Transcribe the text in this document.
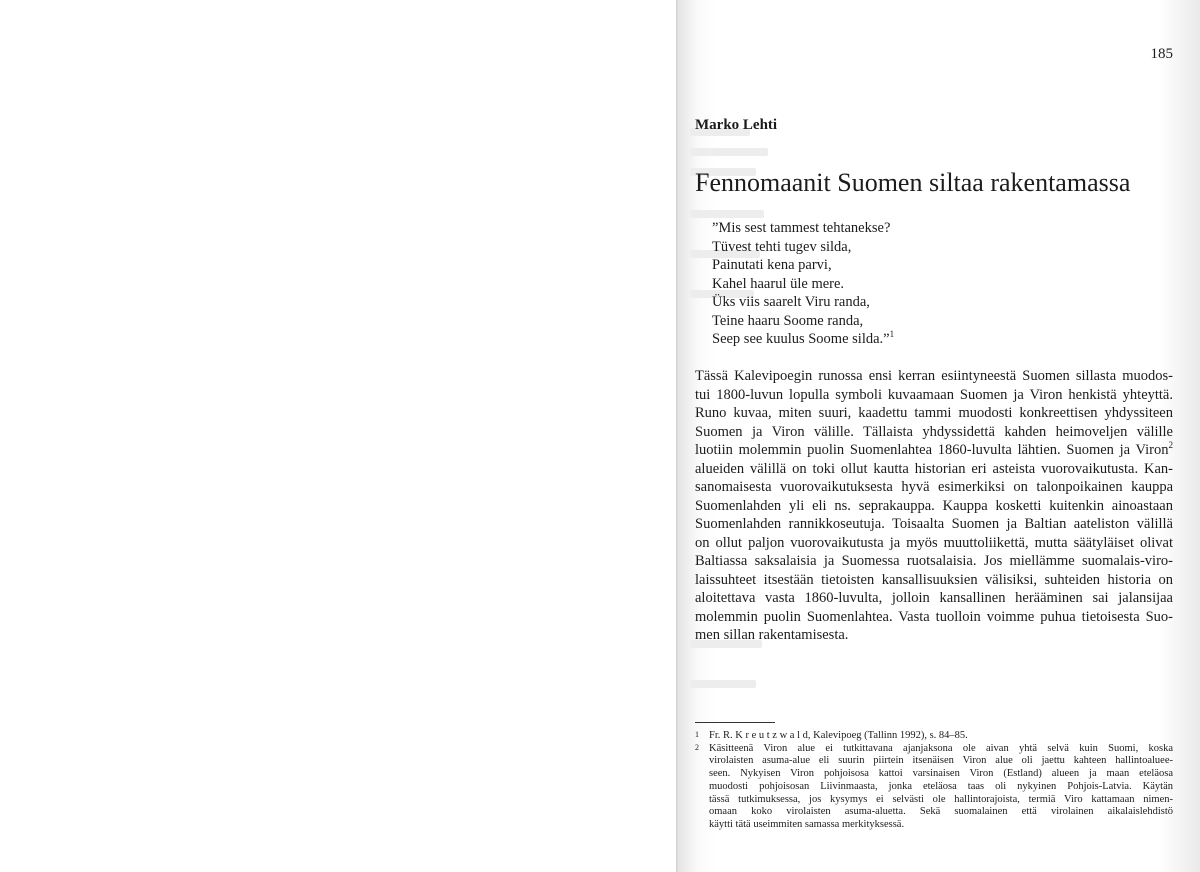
185
Marko Lehti
Fennomaanit Suomen siltaa rakentamassa
”Mis sest tammest tehtanekse?
Tüvest tehti tugev silda,
Painutati kena parvi,
Kahel haarul üle mere.
Üks viis saarelt Viru randa,
Teine haaru Soome randa,
Seep see kuulus Soome silda.”$^1$
Tässä Kalevipoegin runossa ensi kerran esiintyneestä Suomen sillasta muodos-
tui 1800-luvun lopulla symboli kuvaamaan Suomen ja Viron henkistä yhteyttä.
Runo kuvaa, miten suuri, kaadettu tammi muodosti konkreettisen yhdyssiteen
Suomen ja Viron välille. Tällaista yhdyssidettä kahden heimoveljen välille
luotiin molemmin puolin Suomenlahtea 1860-luvulta lähtien. Suomen ja Viron$^2$
alueiden välillä on toki ollut kautta historian eri asteista vuorovaikutusta. Kan-
sanomaisesta vuorovaikutuksesta hyvä esimerkiksi on talonpoikainen kauppa
Suomenlahden yli eli ns. seprakauppa. Kauppa kosketti kuitenkin ainoastaan
Suomenlahden rannikkoseutuja. Toisaalta Suomen ja Baltian aateliston välillä
on ollut paljon vuorovaikutusta ja myös muuttoliikettä, mutta säätyläiset olivat
Baltiassa saksalaisia ja Suomessa ruotsalaisia. Jos miellämme suomalais-viro-
laissuhteet itsestään tietoisten kansallisuuksien välisiksi, suhteiden historia on
aloitettava vasta 1860-luvulta, jolloin kansallinen herääminen sai jalansijaa
molemmin puolin Suomenlahtea. Vasta tuolloin voimme puhua tietoisesta Suo-
men sillan rakentamisesta.
1 Fr. R. K r e u t z w a l d, Kalevipoeg (Tallinn 1992), s. 84–85.
2 Käsitteenä Viron alue ei tutkittavana ajanjaksona ole aivan yhtä selvä kuin Suomi, koska
virolaisten asuma-alue eli suurin piirtein itsenäisen Viron alue oli jaettu kahteen hallintoaluee-
seen. Nykyisen Viron pohjoisosa kattoi varsinaisen Viron (Estland) alueen ja maan eteläosa
muodosti pohjoisosan Liivinmaasta, jonka eteläosa taas oli nykyinen Pohjois-Latvia. Käytän
tässä tutkimuksessa, jos kysymys ei selvästi ole hallintorajoista, termiä Viro kattamaan nimen-
omaan koko virolaisten asuma-aluetta. Sekä suomalainen että virolainen aikalaislehdistö
käytti tätä useimmiten samassa merkityksessä.
